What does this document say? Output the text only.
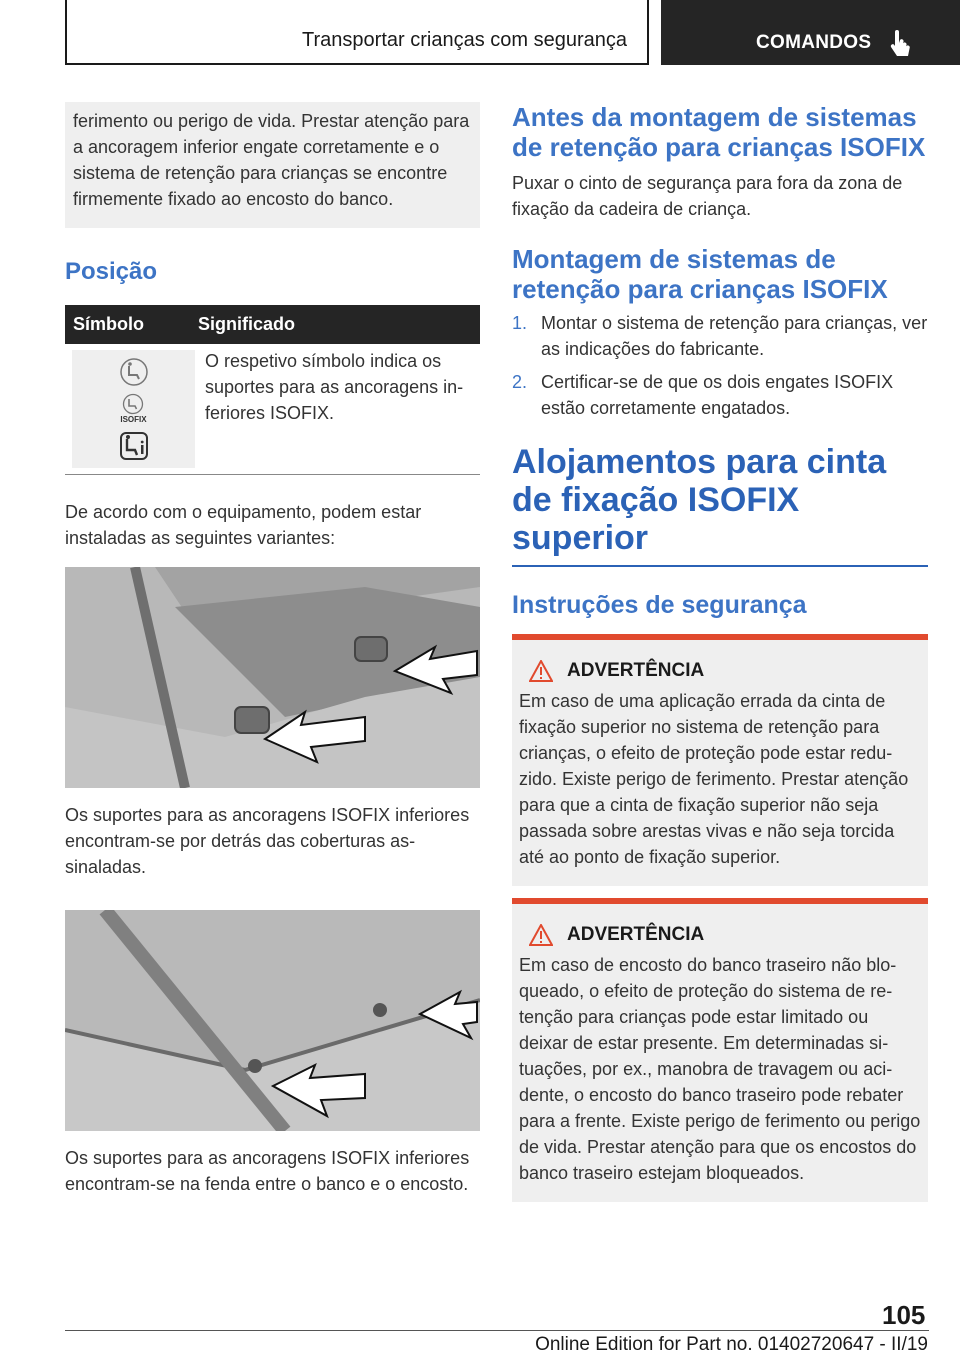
Transportar crianças com segurança	COMANDOS

ferimento ou perigo de vida. Prestar atenção para a ancoragem inferior engate corretamente e o sistema de retenção para crianças se encontre firmemente fixado ao encosto do banco.

Posição
Símbolo	Significado
ISOFIX
O respetivo símbolo indica os suportes para as ancoragens inferiores ISOFIX.

De acordo com o equipamento, podem estar instaladas as seguintes variantes:

Os suportes para as ancoragens ISOFIX inferiores encontram-se por detrás das coberturas assinaladas.

Os suportes para as ancoragens ISOFIX inferiores encontram-se na fenda entre o banco e o encosto.

Antes da montagem de sistemas de retenção para crianças ISOFIX

Puxar o cinto de segurança para fora da zona de fixação da cadeira de criança.

Montagem de sistemas de retenção para crianças ISOFIX
1. Montar o sistema de retenção para crianças, ver as indicações do fabricante.
2. Certificar-se de que os dois engates ISOFIX estão corretamente engatados.
Alojamentos para cinta de fixação ISOFIX superior
Instruções de segurança
ADVERTÊNCIA

Em caso de uma aplicação errada da cinta de fixação superior no sistema de retenção para crianças, o efeito de proteção pode estar reduzido. Existe perigo de ferimento. Prestar atenção para que a cinta de fixação superior não seja passada sobre arestas vivas e não seja torcida até ao ponto de fixação superior.

ADVERTÊNCIA

Em caso de encosto do banco traseiro não bloqueado, o efeito de proteção do sistema de retenção para crianças pode estar limitado ou deixar de estar presente. Em determinadas situações, por ex., manobra de travagem ou acidente, o encosto do banco traseiro pode rebater para a frente. Existe perigo de ferimento ou perigo de vida. Prestar atenção para que os encostos do banco traseiro estejam bloqueados.

105
Online Edition for Part no. 01402720647 - II/19
